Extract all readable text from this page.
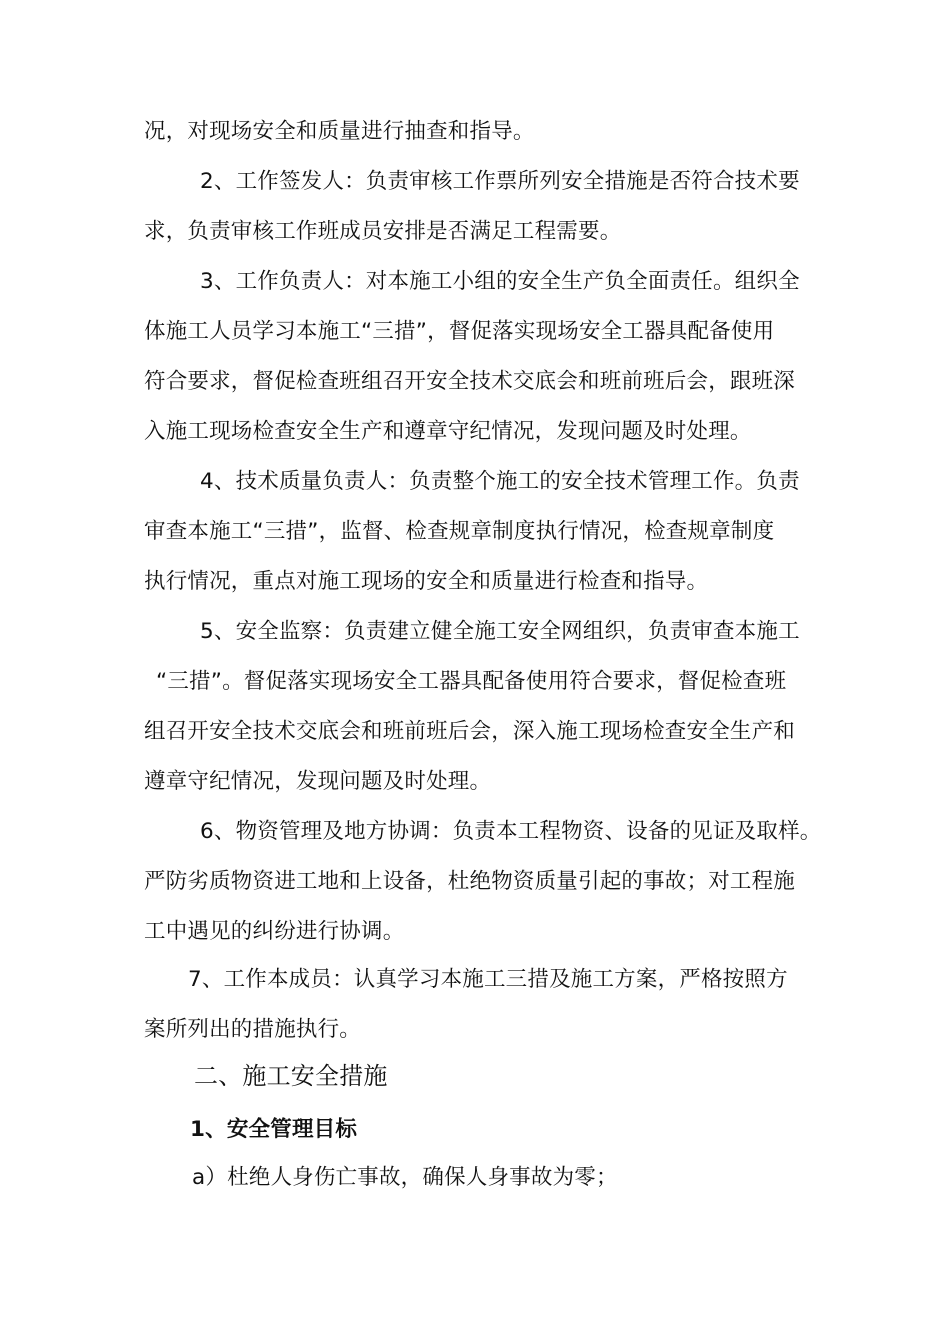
况，对现场安全和质量进行抽查和指导。
2、工作签发人：负责审核工作票所列安全措施是否符合技术要
求，负责审核工作班成员安排是否满足工程需要。
3、工作负责人：对本施工小组的安全生产负全面责任。组织全
体施工人员学习本施工“三措”，督促落实现场安全工器具配备使用
符合要求，督促检查班组召开安全技术交底会和班前班后会，跟班深
入施工现场检查安全生产和遵章守纪情况，发现问题及时处理。
4、技术质量负责人：负责整个施工的安全技术管理工作。负责
审查本施工“三措”，监督、检查规章制度执行情况，检查规章制度
执行情况，重点对施工现场的安全和质量进行检查和指导。
5、安全监察：负责建立健全施工安全网组织，负责审查本施工
“三措”。督促落实现场安全工器具配备使用符合要求，督促检查班
组召开安全技术交底会和班前班后会，深入施工现场检查安全生产和
遵章守纪情况，发现问题及时处理。
6、物资管理及地方协调：负责本工程物资、设备的见证及取样。
严防劣质物资进工地和上设备，杜绝物资质量引起的事故；对工程施
工中遇见的纠纷进行协调。
7、工作本成员：认真学习本施工三措及施工方案，严格按照方
案所列出的措施执行。
二、施工安全措施
1、安全管理目标
a）杜绝人身伤亡事故，确保人身事故为零；
